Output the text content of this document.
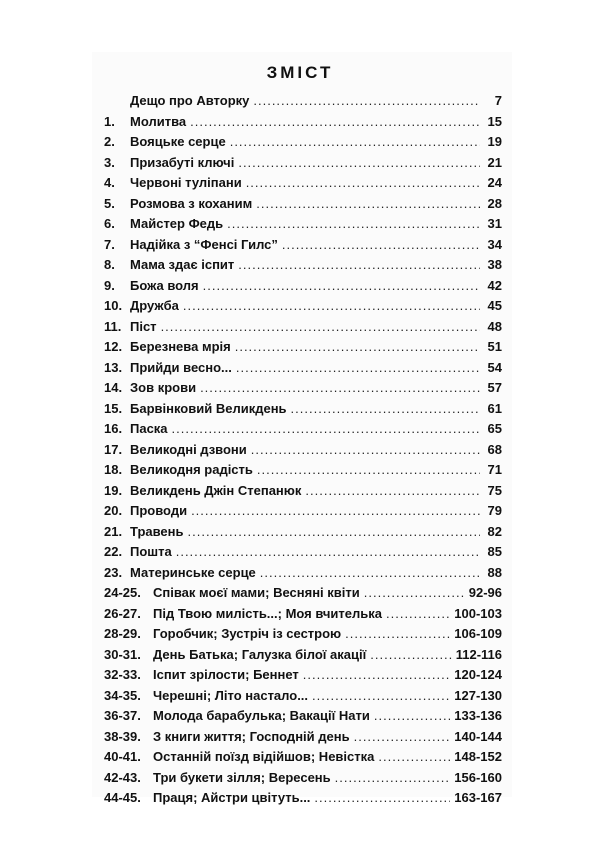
ЗМІСТ
Дещо про Авторку .....	7
1.	Молитва .....	15
2.	Вояцьке серце .....	19
3.	Призабуті ключі .....	21
4.	Червоні туліпани .....	24
5.	Розмова з коханим .....	28
6.	Майстер Федь .....	31
7.	Надійка з “Фенсі Гилс” .....	34
8.	Мама здає іспит .....	38
9.	Божа воля .....	42
10. Дружба .....	45
11. Піст .....	48
12. Березнева мрія .....	51
13. Прийди весно... .....	54
14. Зов крови .....	57
15. Барвінковий Великдень .....	61
16. Паска .....	65
17. Великодні дзвони .....	68
18. Великодня радість .....	71
19. Великдень Джін Степанюк .....	75
20. Проводи .....	79
21. Травень .....	82
22. Пошта .....	85
23. Материнське серце .....	88
24-25. Співак моєї мами; Весняні квіти .....	92-96
26-27. Під Твою милість...; Моя вчителька .....	100-103
28-29. Горобчик; Зустріч із сестрою .....	106-109
30-31. День Батька; Галузка білої акації .....	112-116
32-33. Іспит зрілости; Беннет .....	120-124
34-35. Черешні; Літо настало... .....	127-130
36-37. Молода барабулька; Вакації Нати .....	133-136
38-39. З книги життя; Господній день .....	140-144
40-41. Останній поїзд відійшов; Невістка .....	148-152
42-43. Три букети зілля; Вересень .....	156-160
44-45. Праця; Айстри цвітуть... .....	163-167
